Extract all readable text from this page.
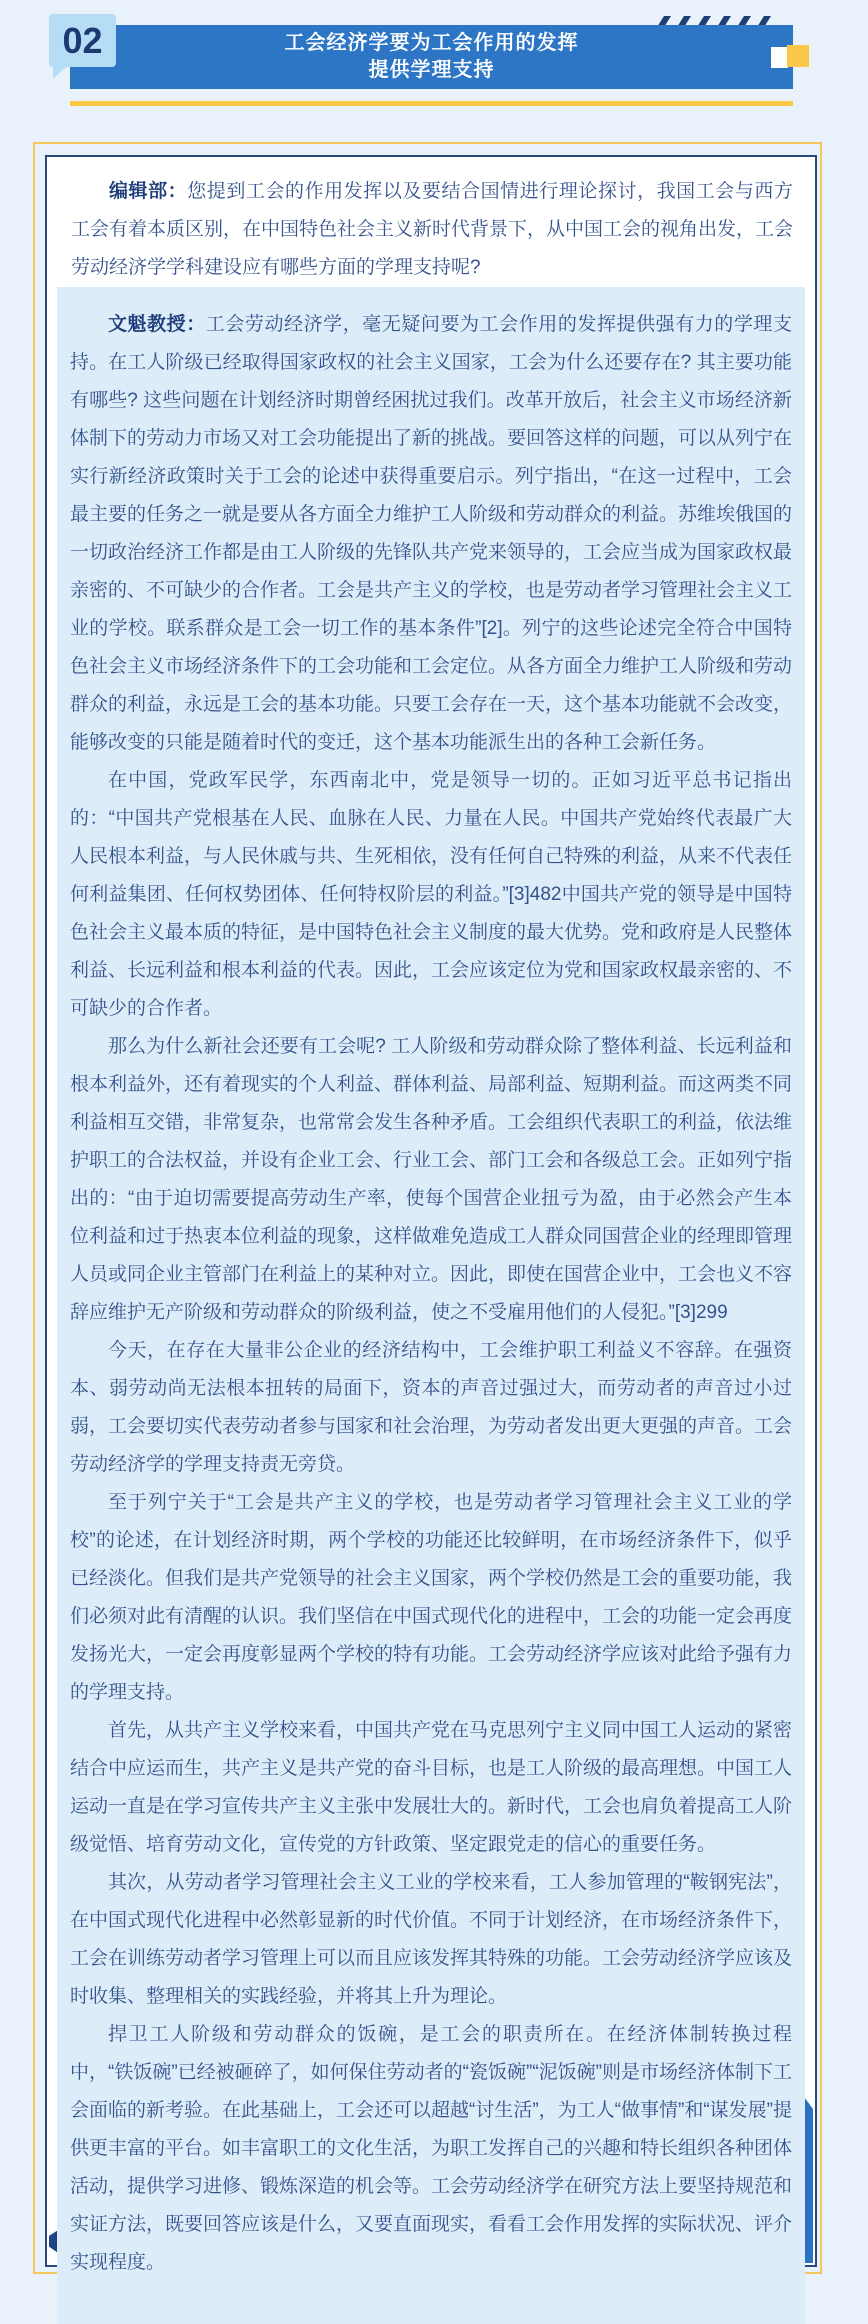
工会经济学要为工会作用的发挥
提供学理支持
02

编辑部：您提到工会的作用发挥以及要结合国情进行理论探讨，我国工会与西方工会有着本质区别，在中国特色社会主义新时代背景下，从中国工会的视角出发，工会劳动经济学学科建设应有哪些方面的学理支持呢?

文魁教授：工会劳动经济学，毫无疑问要为工会作用的发挥提供强有力的学理支持。在工人阶级已经取得国家政权的社会主义国家，工会为什么还要存在? 其主要功能有哪些? 这些问题在计划经济时期曾经困扰过我们。改革开放后，社会主义市场经济新体制下的劳动力市场又对工会功能提出了新的挑战。要回答这样的问题，可以从列宁在实行新经济政策时关于工会的论述中获得重要启示。列宁指出，“在这一过程中，工会最主要的任务之一就是要从各方面全力维护工人阶级和劳动群众的利益。苏维埃俄国的一切政治经济工作都是由工人阶级的先锋队共产党来领导的，工会应当成为国家政权最亲密的、不可缺少的合作者。工会是共产主义的学校，也是劳动者学习管理社会主义工业的学校。联系群众是工会一切工作的基本条件”[2]。列宁的这些论述完全符合中国特色社会主义市场经济条件下的工会功能和工会定位。从各方面全力维护工人阶级和劳动

群众的利益，永远是工会的基本功能。只要工会存在一天，这个基本功能就不会改变，能够改变的只能是随着时代的变迁，这个基本功能派生出的各种工会新任务。

在中国，党政军民学，东西南北中，党是领导一切的。正如习近平总书记指出的：“中国共产党根基在人民、血脉在人民、力量在人民。中国共产党始终代表最广大人民根本利益，与人民休戚与共、生死相依，没有任何自己特殊的利益，从来不代表任何利益集团、任何权势团体、任何特权阶层的利益。”[3]482中国共产党的领导是中国特色社会主义最本质的特征，是中国特色社会主义制度的最大优势。党和政府是人民整体利益、长远利益和根本利益的代表。因此，工会应该定位为党和国家政权最亲密的、不可缺少的合作者。

那么为什么新社会还要有工会呢? 工人阶级和劳动群众除了整体利益、长远利益和根本利益外，还有着现实的个人利益、群体利益、局部利益、短期利益。而这两类不同利益相互交错，非常复杂，也常常会发生各种矛盾。工会组织代表职工的利益，依法维护职工的合法权益，并设有企业工会、行业工会、部门工会和各级总工会。正如列宁指出的：“由于迫切需要提高劳动生产率，使每个国营企业扭亏为盈，由于必然会产生本位利益和过于热衷本位利益的现象，这样做难免造成工人群众同国营企业的经理即管理人员或同企业主管部门在利益上的某种对立。因此，即使在国营企业中，工会也义不容辞应维护无产阶级和劳动群众的阶级利益，使之不受雇用他们的人侵犯。”[3]299

今天，在存在大量非公企业的经济结构中，工会维护职工利益义不容辞。在强资本、弱劳动尚无法根本扭转的局面下，资本的声音过强过大，而劳动者的声音过小过弱，工会要切实代表劳动者参与国家和社会治理，为劳动者发出更大更强的声音。工会劳动经济学的学理支持责无旁贷。

至于列宁关于“工会是共产主义的学校，也是劳动者学习管理社会主义工业的学校”的论述，在计划经济时期，两个学校的功能还比较鲜明，在市场经济条件下，似乎已经淡化。但我们是共产党领导的社会主义国家，两个学校仍然是工会的重要功能，我们必须对此有清醒的认识。我们坚信在中国式现代化的进程中，工会的功能一定会再度发扬光大，一定会再度彰显两个学校的特有功能。工会劳动经济学应该对此给予强有力的学理支持。

首先，从共产主义学校来看，中国共产党在马克思列宁主义同中国工人运动的紧密结合中应运而生，共产主义是共产党的奋斗目标，也是工人阶级的最高理想。中国工人运动一直是在学习宣传共产主义主张中发展壮大的。新时代，工会也肩负着提高工人阶级觉悟、培育劳动文化，宣传党的方针政策、坚定跟党走的信心的重要任务。

其次，从劳动者学习管理社会主义工业的学校来看，工人参加管理的“鞍钢宪法”，在中国式现代化进程中必然彰显新的时代价值。不同于计划经济，在市场经济条件下，工会在训练劳动者学习管理上可以而且应该发挥其特殊的功能。工会劳动经济学应该及时收集、整理相关的实践经验，并将其上升为理论。

捍卫工人阶级和劳动群众的饭碗，是工会的职责所在。在经济体制转换过程中，“铁饭碗”已经被砸碎了，如何保住劳动者的“瓷饭碗”“泥饭碗”则是市场经济体制下工会面临的新考验。在此基础上，工会还可以超越“讨生活”，为工人“做事情”和“谋发展”提供更丰富的平台。如丰富职工的文化生活，为职工发挥自己的兴趣和特长组织各种团体活动，提供学习进修、锻炼深造的机会等。工会劳动经济学在研究方法上要坚持规范和实证方法，既要回答应该是什么，又要直面现实，看看工会作用发挥的实际状况、评介实现程度。
